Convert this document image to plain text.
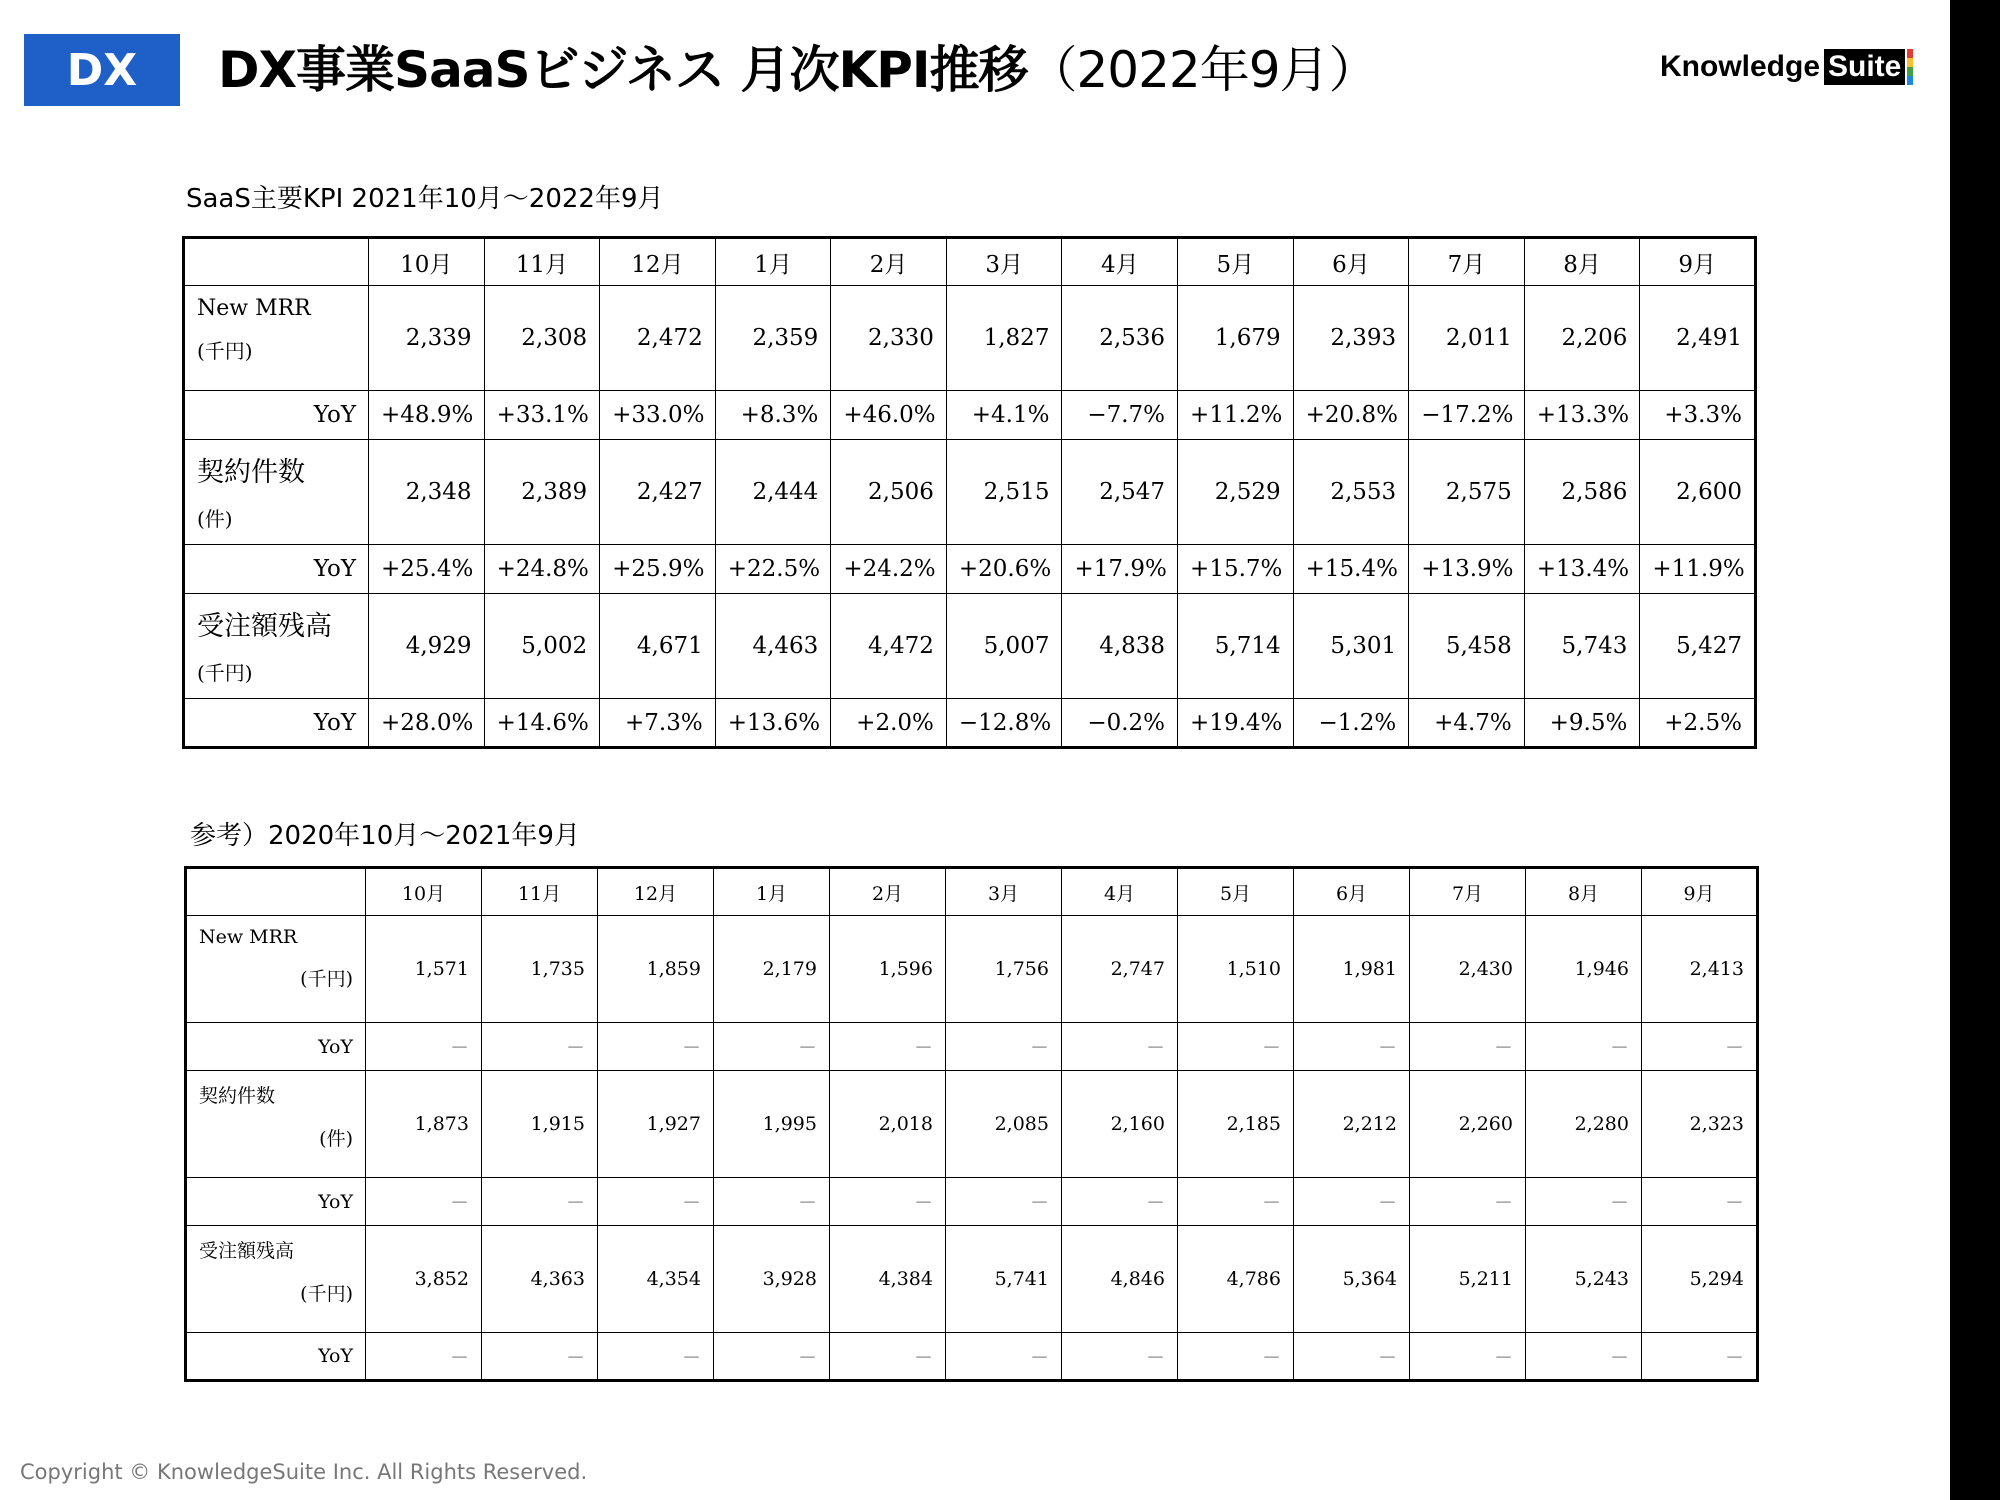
DX	DX事業SaaSビジネス 月次KPI推移（2022年9月）	Knowledge Suite
18
SaaS主要KPI 2021年10月～2022年9月
	10月	11月	12月	1月	2月	3月	4月	5月	6月	7月	8月	9月

New MRR
(千円)	2,339	2,308	2,472	2,359	2,330	1,827	2,536	1,679	2,393	2,011	2,206	2,491
YoY	+48.9%	+33.1%	+33.0%	+8.3%	+46.0%	+4.1%	−7.7%	+11.2%	+20.8%	−17.2%	+13.3%	+3.3%

契約件数
(件)	2,348	2,389	2,427	2,444	2,506	2,515	2,547	2,529	2,553	2,575	2,586	2,600
YoY	+25.4%	+24.8%	+25.9%	+22.5%	+24.2%	+20.6%	+17.9%	+15.7%	+15.4%	+13.9%	+13.4%	+11.9%

受注額残高
(千円)	4,929	5,002	4,671	4,463	4,472	5,007	4,838	5,714	5,301	5,458	5,743	5,427
YoY	+28.0%	+14.6%	+7.3%	+13.6%	+2.0%	−12.8%	−0.2%	+19.4%	−1.2%	+4.7%	+9.5%	+2.5%
参考）2020年10月～2021年9月
	10月	11月	12月	1月	2月	3月	4月	5月	6月	7月	8月	9月

New MRR
(千円)	1,571	1,735	1,859	2,179	1,596	1,756	2,747	1,510	1,981	2,430	1,946	2,413
YoY	－	－	－	－	－	－	－	－	－	－	－	－

契約件数
(件)	1,873	1,915	1,927	1,995	2,018	2,085	2,160	2,185	2,212	2,260	2,280	2,323
YoY	－	－	－	－	－	－	－	－	－	－	－	－

受注額残高
(千円)	3,852	4,363	4,354	3,928	4,384	5,741	4,846	4,786	5,364	5,211	5,243	5,294
YoY	－	－	－	－	－	－	－	－	－	－	－	－
Copyright © KnowledgeSuite Inc. All Rights Reserved.
